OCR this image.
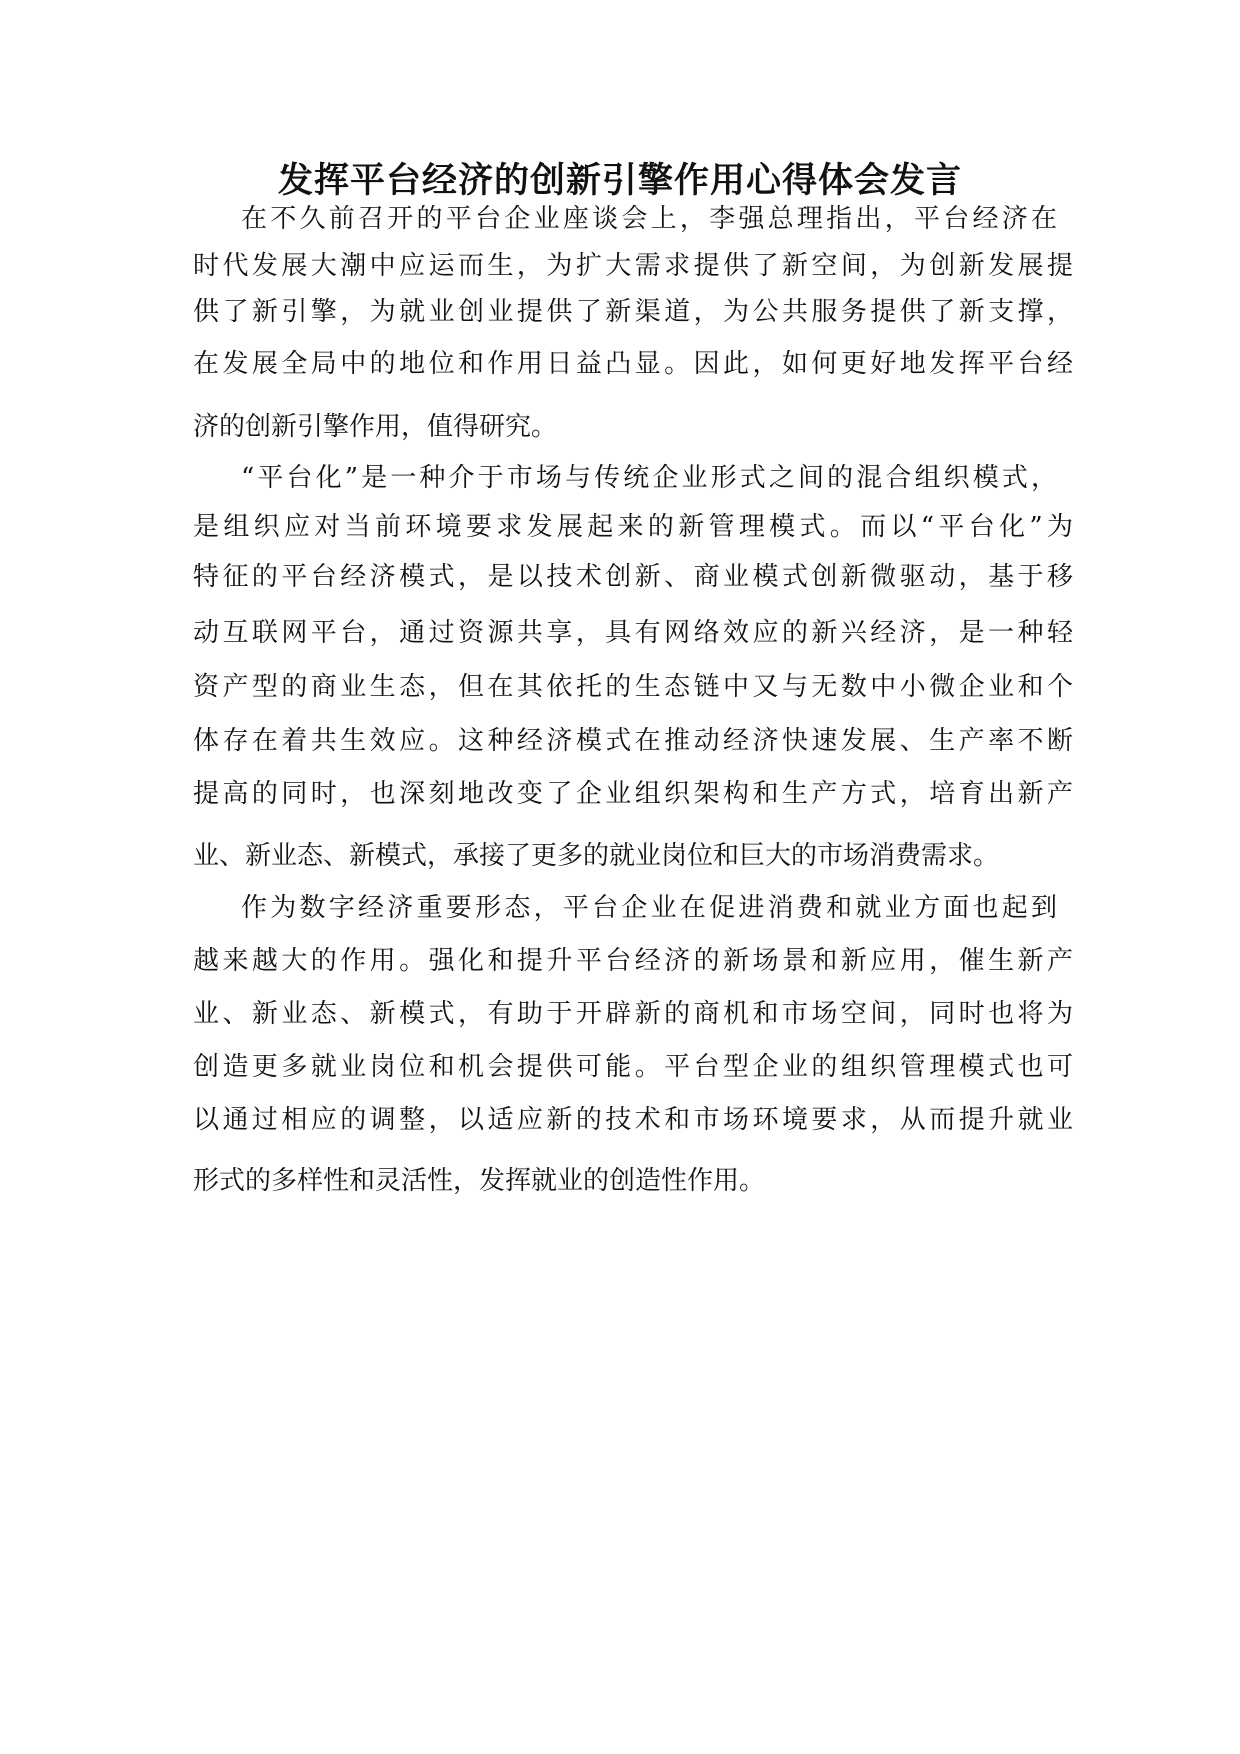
发挥平台经济的创新引擎作用心得体会发言

在不久前召开的平台企业座谈会上，李强总理指出，平台经济在

时代发展大潮中应运而生，为扩大需求提供了新空间，为创新发展提

供了新引擎，为就业创业提供了新渠道，为公共服务提供了新支撑，

在发展全局中的地位和作用日益凸显。因此，如何更好地发挥平台经

济的创新引擎作用，值得研究。

“平台化”是一种介于市场与传统企业形式之间的混合组织模式，

是组织应对当前环境要求发展起来的新管理模式。而以“平台化”为

特征的平台经济模式，是以技术创新、商业模式创新微驱动，基于移

动互联网平台，通过资源共享，具有网络效应的新兴经济，是一种轻

资产型的商业生态，但在其依托的生态链中又与无数中小微企业和个

体存在着共生效应。这种经济模式在推动经济快速发展、生产率不断

提高的同时，也深刻地改变了企业组织架构和生产方式，培育出新产

业、新业态、新模式，承接了更多的就业岗位和巨大的市场消费需求。

作为数字经济重要形态，平台企业在促进消费和就业方面也起到

越来越大的作用。强化和提升平台经济的新场景和新应用，催生新产

业、新业态、新模式，有助于开辟新的商机和市场空间，同时也将为

创造更多就业岗位和机会提供可能。平台型企业的组织管理模式也可

以通过相应的调整，以适应新的技术和市场环境要求，从而提升就业

形式的多样性和灵活性，发挥就业的创造性作用。
